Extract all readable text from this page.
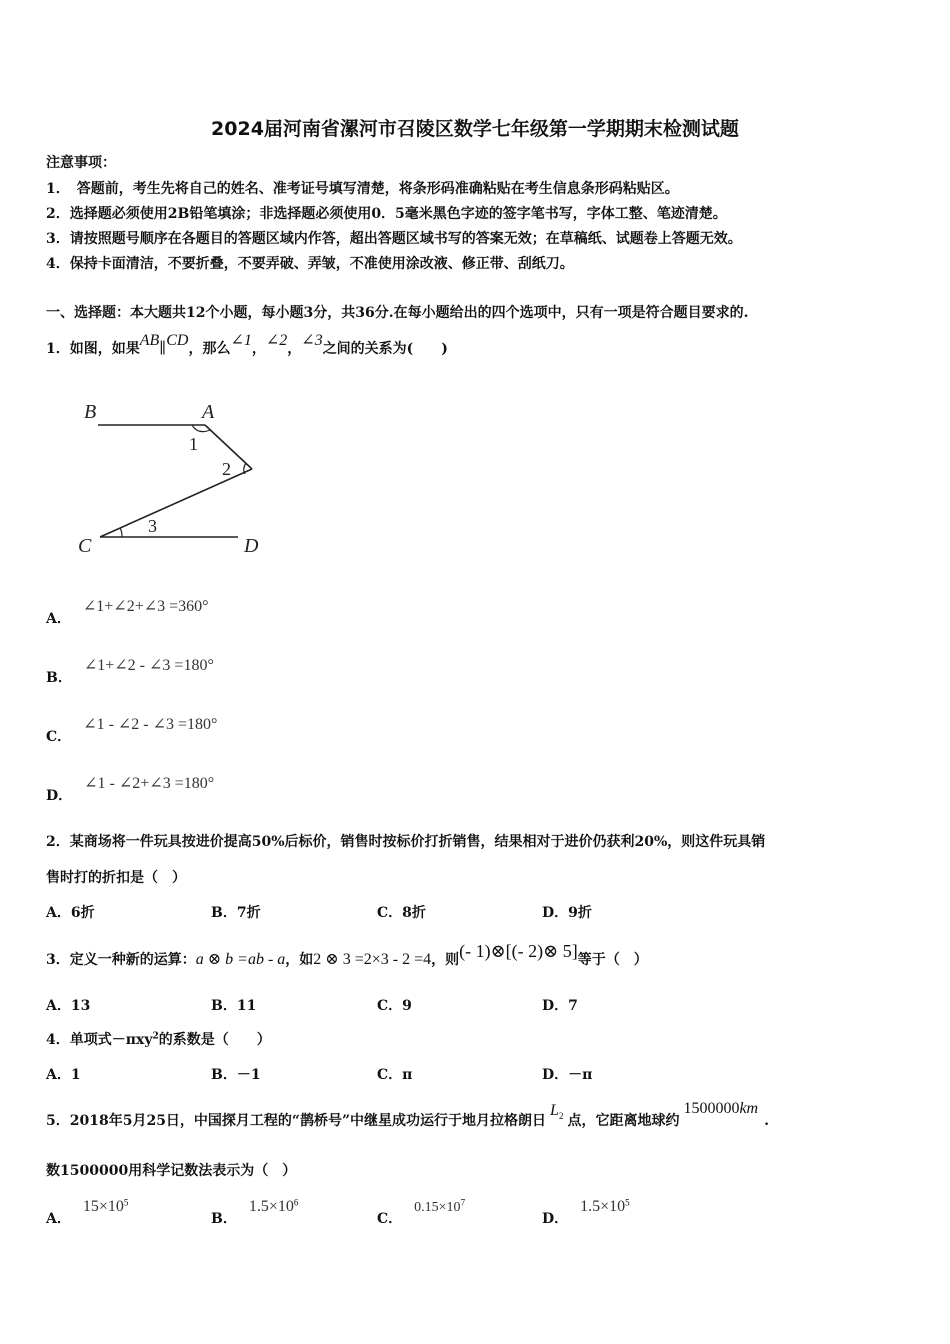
2024届河南省漯河市召陵区数学七年级第一学期期末检测试题
注意事项：
1．　答题前，考生先将自己的姓名、准考证号填写清楚，将条形码准确粘贴在考生信息条形码粘贴区。
2．选择题必须使用2B铅笔填涂；非选择题必须使用0．5毫米黑色字迹的签字笔书写，字体工整、笔迹清楚。
3．请按照题号顺序在各题目的答题区域内作答，超出答题区域书写的答案无效；在草稿纸、试题卷上答题无效。
4．保持卡面清洁，不要折叠，不要弄破、弄皱，不准使用涂改液、修正带、刮纸刀。
一、选择题：本大题共12个小题，每小题3分，共36分.在每小题给出的四个选项中，只有一项是符合题目要求的.
1．如图，如果AB∥CD，那么∠1，∠2，∠3之间的关系为(　　)
B	A
C	D
1
2
3
A．∠1+∠2+∠3 =360°
B．∠1+∠2 - ∠3 =180°
C．∠1 - ∠2 - ∠3 =180°
D．∠1 - ∠2+∠3 =180°
2．某商场将一件玩具按进价提高50%后标价，销售时按标价打折销售，结果相对于进价仍获利20%，则这件玩具销
售时打的折扣是（　）
A．6折	B．7折	C．8折	D．9折
3．定义一种新的运算：a ⊗ b =ab - a，如2 ⊗ 3 =2×3 - 2 =4，则(- 1)⊗[(- 2)⊗ 5]等于（　）
A．13	B．11	C．9	D．7
4．单项式－πxy$^2$的系数是（　　）
A．1	B．－1	C．π	D．－π
5．2018年5月25日，中国探月工程的“鹊桥号”中继星成功运行于地月拉格朗日$L_2$ 点，它距离地球约1500000km.
数1500000用科学记数法表示为（　）
A．$15\times 10^5$
B．$1.5\times 10^6$
C．$0.15\times 10^7$
D．$1.5\times 10^5$
